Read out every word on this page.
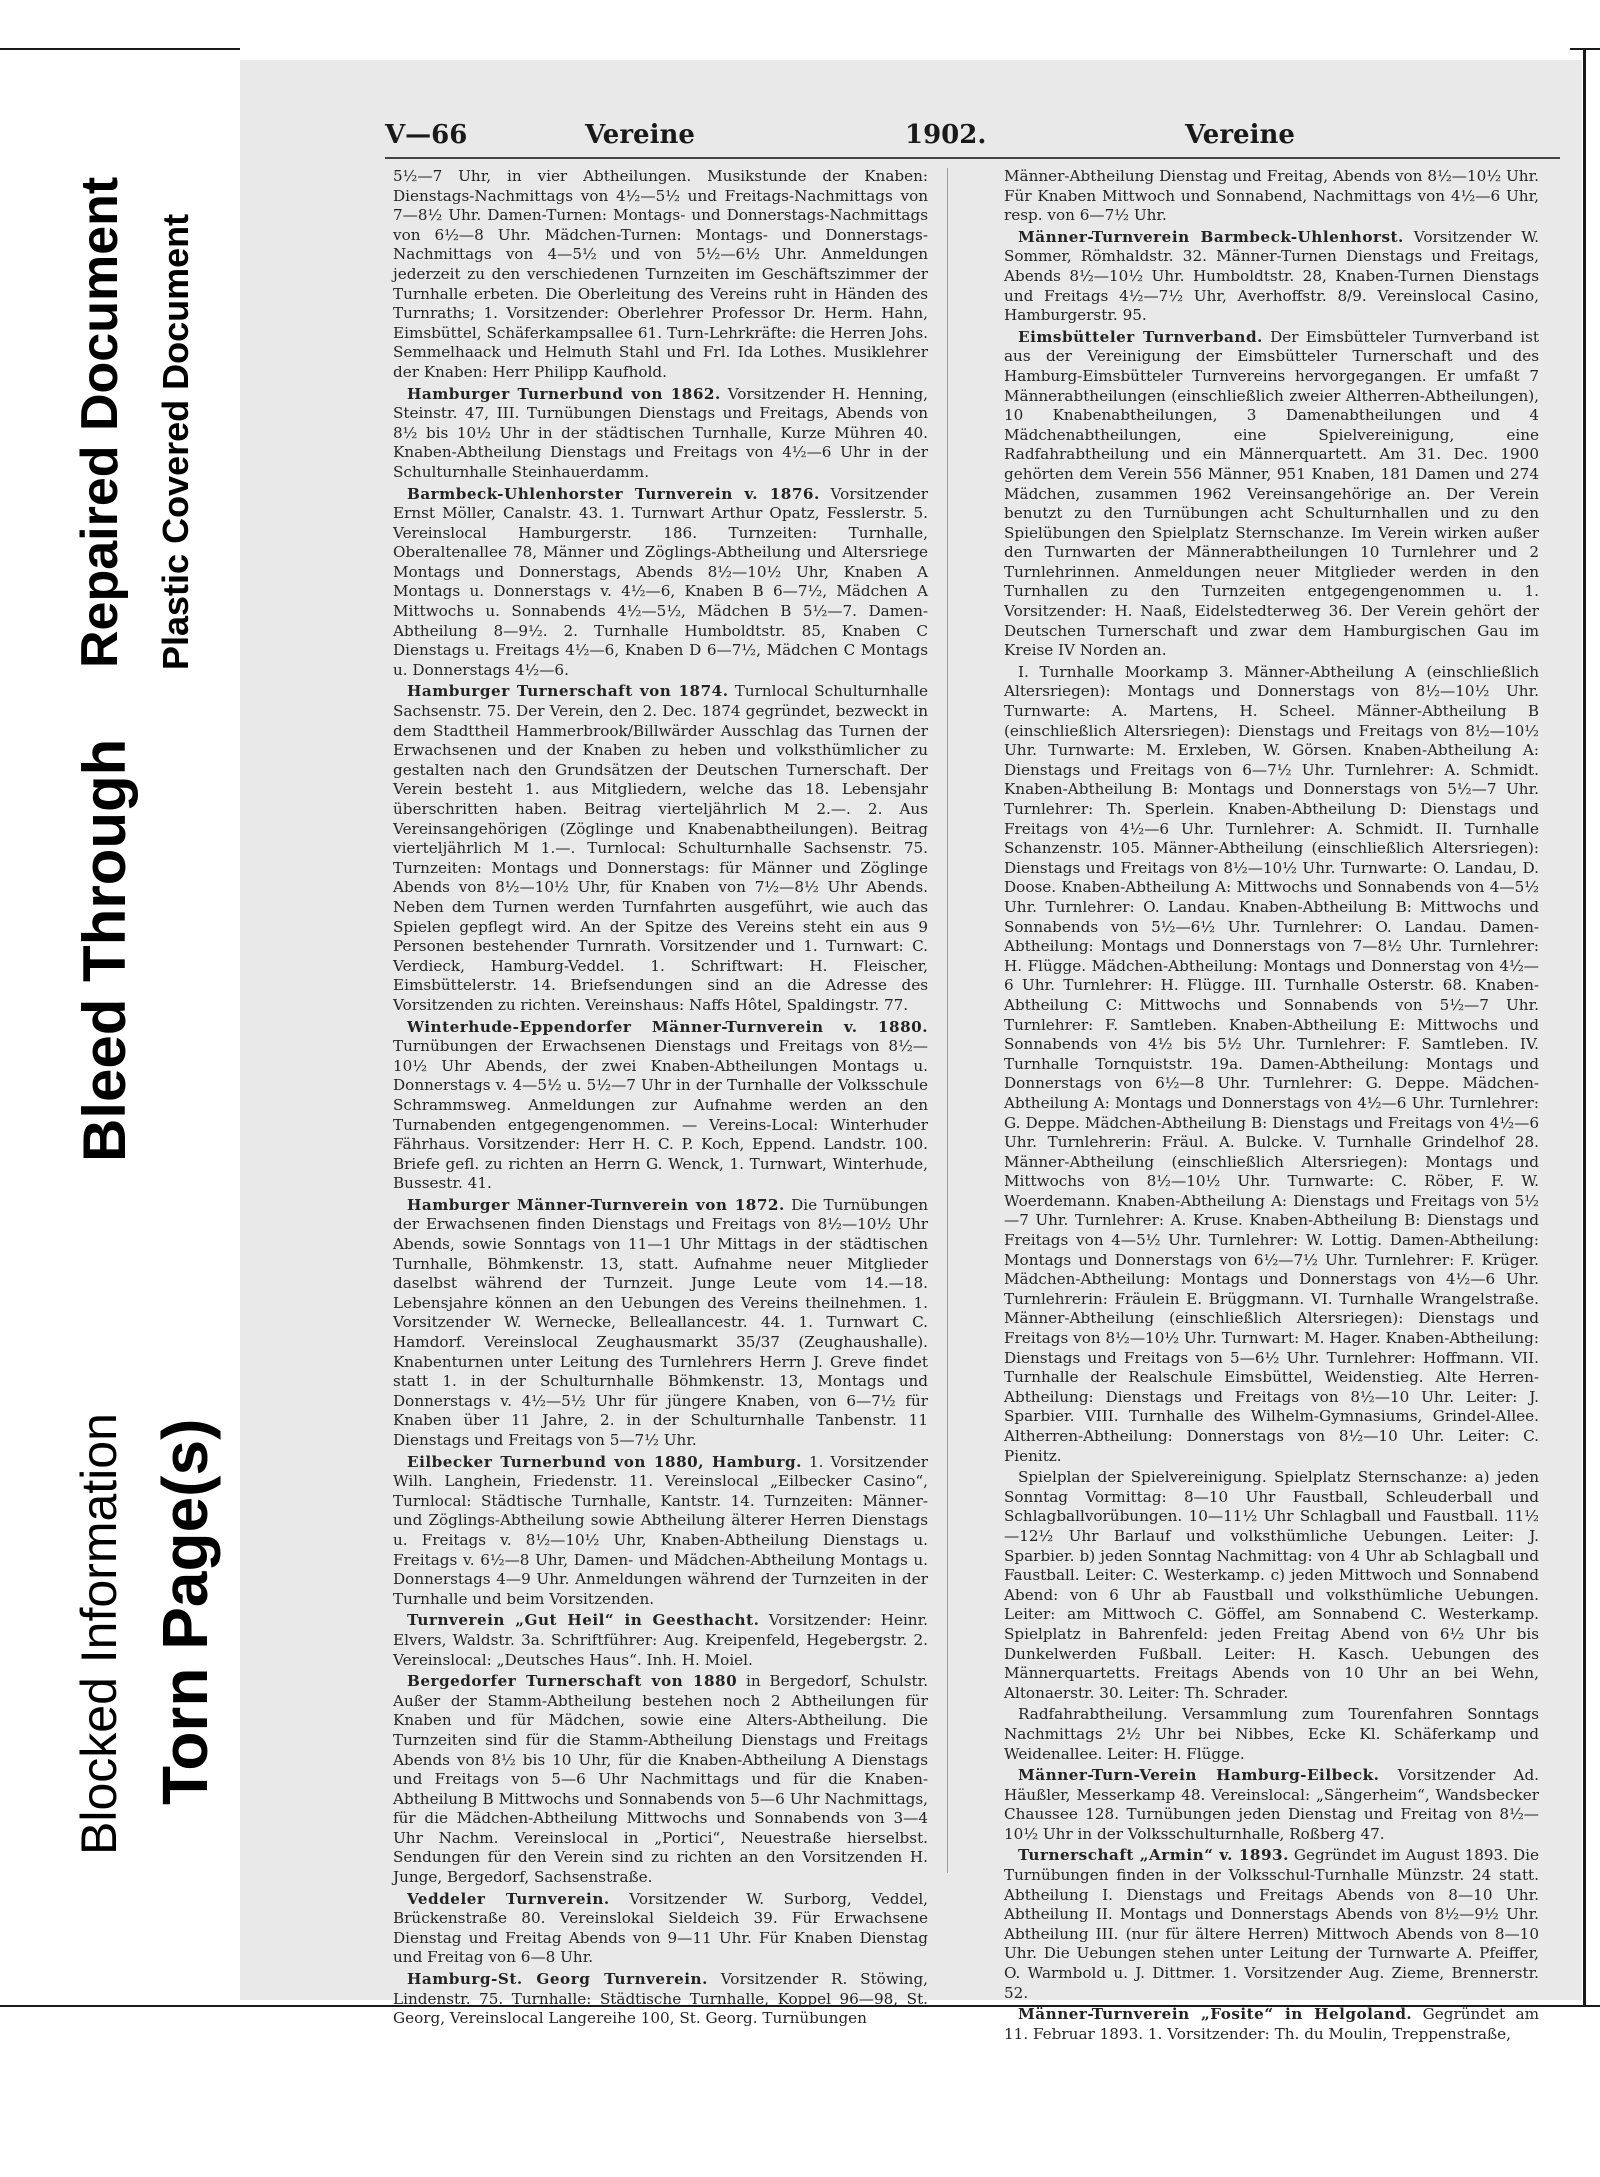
Bleed Through
Blocked Information Torn Page(s)
Repaired Document Plastic Covered Document
V—66	Vereine	1902.	Vereine

5½—7 Uhr, in vier Abtheilungen. Musikstunde der Knaben: Dienstags-Nachmittags von 4½—5½ und Freitags-Nachmittags von 7—8½ Uhr. Damen-Turnen: Montags- und Donnerstags-Nachmittags von 6½—8 Uhr. Mädchen-Turnen: Montags- und Donnerstags-Nachmittags von 4—5½ und von 5½—6½ Uhr. Anmeldungen jederzeit zu den verschiedenen Turnzeiten im Geschäftszimmer der Turnhalle erbeten. Die Oberleitung des Vereins ruht in Händen des Turnraths; 1. Vorsitzender: Oberlehrer Professor Dr. Herm. Hahn, Eimsbüttel, Schäferkampsallee 61. Turn-Lehrkräfte: die Herren Johs. Semmelhaack und Helmuth Stahl und Frl. Ida Lothes. Musiklehrer der Knaben: Herr Philipp Kaufhold.

Hamburger Turnerbund von 1862. Vorsitzender H. Henning, Steinstr. 47, III. Turnübungen Dienstags und Freitags, Abends von 8½ bis 10½ Uhr in der städtischen Turnhalle, Kurze Mühren 40. Knaben-Abtheilung Dienstags und Freitags von 4½—6 Uhr in der Schulturnhalle Steinhauerdamm.

Barmbeck-Uhlenhorster Turnverein v. 1876. Vorsitzender Ernst Möller, Canalstr. 43. 1. Turnwart Arthur Opatz, Fesslerstr. 5. Vereinslocal Hamburgerstr. 186. Turnzeiten: Turnhalle, Oberaltenallee 78, Männer und Zöglings-Abtheilung und Altersriege Montags und Donnerstags, Abends 8½—10½ Uhr, Knaben A Montags u. Donnerstags v. 4½—6, Knaben B 6—7½, Mädchen A Mittwochs u. Sonnabends 4½—5½, Mädchen B 5½—7. Damen-Abtheilung 8—9½. 2. Turnhalle Humboldtstr. 85, Knaben C Dienstags u. Freitags 4½—6, Knaben D 6—7½, Mädchen C Montags u. Donnerstags 4½—6.

Hamburger Turnerschaft von 1874. Turnlocal Schulturnhalle Sachsenstr. 75. Der Verein, den 2. Dec. 1874 gegründet, bezweckt in dem Stadttheil Hammerbrook/Billwärder Ausschlag das Turnen der Erwachsenen und der Knaben zu heben und volksthümlicher zu gestalten nach den Grundsätzen der Deutschen Turnerschaft. Der Verein besteht 1. aus Mitgliedern, welche das 18. Lebensjahr überschritten haben. Beitrag vierteljährlich M 2.—. 2. Aus Vereinsangehörigen (Zöglinge und Knabenabtheilungen). Beitrag vierteljährlich M 1.—. Turnlocal: Schulturnhalle Sachsenstr. 75. Turnzeiten: Montags und Donnerstags: für Männer und Zöglinge Abends von 8½—10½ Uhr, für Knaben von 7½—8½ Uhr Abends. Neben dem Turnen werden Turnfahrten ausgeführt, wie auch das Spielen gepflegt wird. An der Spitze des Vereins steht ein aus 9 Personen bestehender Turnrath. Vorsitzender und 1. Turnwart: C. Verdieck, Hamburg-Veddel. 1. Schriftwart: H. Fleischer, Eimsbüttelerstr. 14. Briefsendungen sind an die Adresse des Vorsitzenden zu richten. Vereinshaus: Naffs Hôtel, Spaldingstr. 77.

Winterhude-Eppendorfer Männer-Turnverein v. 1880. Turnübungen der Erwachsenen Dienstags und Freitags von 8½—10½ Uhr Abends, der zwei Knaben-Abtheilungen Montags u. Donnerstags v. 4—5½ u. 5½—7 Uhr in der Turnhalle der Volksschule Schrammsweg. Anmeldungen zur Aufnahme werden an den Turnabenden entgegengenommen. — Vereins-Local: Winterhuder Fährhaus. Vorsitzender: Herr H. C. P. Koch, Eppend. Landstr. 100. Briefe gefl. zu richten an Herrn G. Wenck, 1. Turnwart, Winterhude, Bussestr. 41.

Hamburger Männer-Turnverein von 1872. Die Turnübungen der Erwachsenen finden Dienstags und Freitags von 8½—10½ Uhr Abends, sowie Sonntags von 11—1 Uhr Mittags in der städtischen Turnhalle, Böhmkenstr. 13, statt. Aufnahme neuer Mitglieder daselbst während der Turnzeit. Junge Leute vom 14.—18. Lebensjahre können an den Uebungen des Vereins theilnehmen. 1. Vorsitzender W. Wernecke, Belleallancestr. 44. 1. Turnwart C. Hamdorf. Vereinslocal Zeughausmarkt 35/37 (Zeughaushalle). Knabenturnen unter Leitung des Turnlehrers Herrn J. Greve findet statt 1. in der Schulturnhalle Böhmkenstr. 13, Montags und Donnerstags v. 4½—5½ Uhr für jüngere Knaben, von 6—7½ für Knaben über 11 Jahre, 2. in der Schulturnhalle Tanbenstr. 11 Dienstags und Freitags von 5—7½ Uhr.

Eilbecker Turnerbund von 1880, Hamburg. 1. Vorsitzender Wilh. Langhein, Friedenstr. 11. Vereinslocal „Eilbecker Casino“, Turnlocal: Städtische Turnhalle, Kantstr. 14. Turnzeiten: Männer- und Zöglings-Abtheilung sowie Abtheilung älterer Herren Dienstags u. Freitags v. 8½—10½ Uhr, Knaben-Abtheilung Dienstags u. Freitags v. 6½—8 Uhr, Damen- und Mädchen-Abtheilung Montags u. Donnerstags 4—9 Uhr. Anmeldungen während der Turnzeiten in der Turnhalle und beim Vorsitzenden.

Turnverein „Gut Heil“ in Geesthacht. Vorsitzender: Heinr. Elvers, Waldstr. 3a. Schriftführer: Aug. Kreipenfeld, Hegebergstr. 2. Vereinslocal: „Deutsches Haus“. Inh. H. Moiel.

Bergedorfer Turnerschaft von 1880 in Bergedorf, Schulstr. Außer der Stamm-Abtheilung bestehen noch 2 Abtheilungen für Knaben und für Mädchen, sowie eine Alters-Abtheilung. Die Turnzeiten sind für die Stamm-Abtheilung Dienstags und Freitags Abends von 8½ bis 10 Uhr, für die Knaben-Abtheilung A Dienstags und Freitags von 5—6 Uhr Nachmittags und für die Knaben-Abtheilung B Mittwochs und Sonnabends von 5—6 Uhr Nachmittags, für die Mädchen-Abtheilung Mittwochs und Sonnabends von 3—4 Uhr Nachm. Vereinslocal in „Portici“, Neuestraße hierselbst. Sendungen für den Verein sind zu richten an den Vorsitzenden H. Junge, Bergedorf, Sachsenstraße.

Veddeler Turnverein. Vorsitzender W. Surborg, Veddel, Brückenstraße 80. Vereinslokal Sieldeich 39. Für Erwachsene Dienstag und Freitag Abends von 9—11 Uhr. Für Knaben Dienstag und Freitag von 6—8 Uhr.

Hamburg-St. Georg Turnverein. Vorsitzender R. Stöwing, Lindenstr. 75. Turnhalle: Städtische Turnhalle, Koppel 96—98, St. Georg, Vereinslocal Langereihe 100, St. Georg. Turnübungen

Männer-Abtheilung Dienstag und Freitag, Abends von 8½—10½ Uhr. Für Knaben Mittwoch und Sonnabend, Nachmittags von 4½—6 Uhr, resp. von 6—7½ Uhr.

Männer-Turnverein Barmbeck-Uhlenhorst. Vorsitzender W. Sommer, Römhaldstr. 32. Männer-Turnen Dienstags und Freitags, Abends 8½—10½ Uhr. Humboldtstr. 28, Knaben-Turnen Dienstags und Freitags 4½—7½ Uhr, Averhoffstr. 8/9. Vereinslocal Casino, Hamburgerstr. 95.

Eimsbütteler Turnverband. Der Eimsbütteler Turnverband ist aus der Vereinigung der Eimsbütteler Turnerschaft und des Hamburg-Eimsbütteler Turnvereins hervorgegangen. Er umfaßt 7 Männerabtheilungen (einschließlich zweier Altherren-Abtheilungen), 10 Knabenabtheilungen, 3 Damenabtheilungen und 4 Mädchenabtheilungen, eine Spielvereinigung, eine Radfahrabtheilung und ein Männerquartett. Am 31. Dec. 1900 gehörten dem Verein 556 Männer, 951 Knaben, 181 Damen und 274 Mädchen, zusammen 1962 Vereinsangehörige an. Der Verein benutzt zu den Turnübungen acht Schulturnhallen und zu den Spielübungen den Spielplatz Sternschanze. Im Verein wirken außer den Turnwarten der Männerabtheilungen 10 Turnlehrer und 2 Turnlehrinnen. Anmeldungen neuer Mitglieder werden in den Turnhallen zu den Turnzeiten entgegengenommen u. 1. Vorsitzender: H. Naaß, Eidelstedterweg 36. Der Verein gehört der Deutschen Turnerschaft und zwar dem Hamburgischen Gau im Kreise IV Norden an.

I. Turnhalle Moorkamp 3. Männer-Abtheilung A (einschließlich Altersriegen): Montags und Donnerstags von 8½—10½ Uhr. Turnwarte: A. Martens, H. Scheel. Männer-Abtheilung B (einschließlich Altersriegen): Dienstags und Freitags von 8½—10½ Uhr. Turnwarte: M. Erxleben, W. Görsen. Knaben-Abtheilung A: Dienstags und Freitags von 6—7½ Uhr. Turnlehrer: A. Schmidt. Knaben-Abtheilung B: Montags und Donnerstags von 5½—7 Uhr. Turnlehrer: Th. Sperlein. Knaben-Abtheilung D: Dienstags und Freitags von 4½—6 Uhr. Turnlehrer: A. Schmidt. II. Turnhalle Schanzenstr. 105. Männer-Abtheilung (einschließlich Altersriegen): Dienstags und Freitags von 8½—10½ Uhr. Turnwarte: O. Landau, D. Doose. Knaben-Abtheilung A: Mittwochs und Sonnabends von 4—5½ Uhr. Turnlehrer: O. Landau. Knaben-Abtheilung B: Mittwochs und Sonnabends von 5½—6½ Uhr. Turnlehrer: O. Landau. Damen-Abtheilung: Montags und Donnerstags von 7—8½ Uhr. Turnlehrer: H. Flügge. Mädchen-Abtheilung: Montags und Donnerstag von 4½—6 Uhr. Turnlehrer: H. Flügge. III. Turnhalle Osterstr. 68. Knaben-Abtheilung C: Mittwochs und Sonnabends von 5½—7 Uhr. Turnlehrer: F. Samtleben. Knaben-Abtheilung E: Mittwochs und Sonnabends von 4½ bis 5½ Uhr. Turnlehrer: F. Samtleben. IV. Turnhalle Tornquiststr. 19a. Damen-Abtheilung: Montags und Donnerstags von 6½—8 Uhr. Turnlehrer: G. Deppe. Mädchen-Abtheilung A: Montags und Donnerstags von 4½—6 Uhr. Turnlehrer: G. Deppe. Mädchen-Abtheilung B: Dienstags und Freitags von 4½—6 Uhr. Turnlehrerin: Fräul. A. Bulcke. V. Turnhalle Grindelhof 28. Männer-Abtheilung (einschließlich Altersriegen): Montags und Mittwochs von 8½—10½ Uhr. Turnwarte: C. Röber, F. W. Woerdemann. Knaben-Abtheilung A: Dienstags und Freitags von 5½—7 Uhr. Turnlehrer: A. Kruse. Knaben-Abtheilung B: Dienstags und Freitags von 4—5½ Uhr. Turnlehrer: W. Lottig. Damen-Abtheilung: Montags und Donnerstags von 6½—7½ Uhr. Turnlehrer: F. Krüger. Mädchen-Abtheilung: Montags und Donnerstags von 4½—6 Uhr. Turnlehrerin: Fräulein E. Brüggmann. VI. Turnhalle Wrangelstraße. Männer-Abtheilung (einschließlich Altersriegen): Dienstags und Freitags von 8½—10½ Uhr. Turnwart: M. Hager. Knaben-Abtheilung: Dienstags und Freitags von 5—6½ Uhr. Turnlehrer: Hoffmann. VII. Turnhalle der Realschule Eimsbüttel, Weidenstieg. Alte Herren-Abtheilung: Dienstags und Freitags von 8½—10 Uhr. Leiter: J. Sparbier. VIII. Turnhalle des Wilhelm-Gymnasiums, Grindel-Allee. Altherren-Abtheilung: Donnerstags von 8½—10 Uhr. Leiter: C. Pienitz.

Spielplan der Spielvereinigung. Spielplatz Sternschanze: a) jeden Sonntag Vormittag: 8—10 Uhr Faustball, Schleuderball und Schlagballvorübungen. 10—11½ Uhr Schlagball und Faustball. 11½—12½ Uhr Barlauf und volksthümliche Uebungen. Leiter: J. Sparbier. b) jeden Sonntag Nachmittag: von 4 Uhr ab Schlagball und Faustball. Leiter: C. Westerkamp. c) jeden Mittwoch und Sonnabend Abend: von 6 Uhr ab Faustball und volksthümliche Uebungen. Leiter: am Mittwoch C. Göffel, am Sonnabend C. Westerkamp. Spielplatz in Bahrenfeld: jeden Freitag Abend von 6½ Uhr bis Dunkelwerden Fußball. Leiter: H. Kasch. Uebungen des Männerquartetts. Freitags Abends von 10 Uhr an bei Wehn, Altonaerstr. 30. Leiter: Th. Schrader.

Radfahrabtheilung. Versammlung zum Tourenfahren Sonntags Nachmittags 2½ Uhr bei Nibbes, Ecke Kl. Schäferkamp und Weidenallee. Leiter: H. Flügge.

Männer-Turn-Verein Hamburg-Eilbeck. Vorsitzender Ad. Häußler, Messerkamp 48. Vereinslocal: „Sängerheim“, Wandsbecker Chaussee 128. Turnübungen jeden Dienstag und Freitag von 8½—10½ Uhr in der Volksschulturnhalle, Roßberg 47.

Turnerschaft „Armin“ v. 1893. Gegründet im August 1893. Die Turnübungen finden in der Volksschul-Turnhalle Münzstr. 24 statt. Abtheilung I. Dienstags und Freitags Abends von 8—10 Uhr. Abtheilung II. Montags und Donnerstags Abends von 8½—9½ Uhr. Abtheilung III. (nur für ältere Herren) Mittwoch Abends von 8—10 Uhr. Die Uebungen stehen unter Leitung der Turnwarte A. Pfeiffer, O. Warmbold u. J. Dittmer. 1. Vorsitzender Aug. Zieme, Brennerstr. 52.

Männer-Turnverein „Fosite“ in Helgoland. Gegründet am 11. Februar 1893. 1. Vorsitzender: Th. du Moulin, Treppenstraße,
